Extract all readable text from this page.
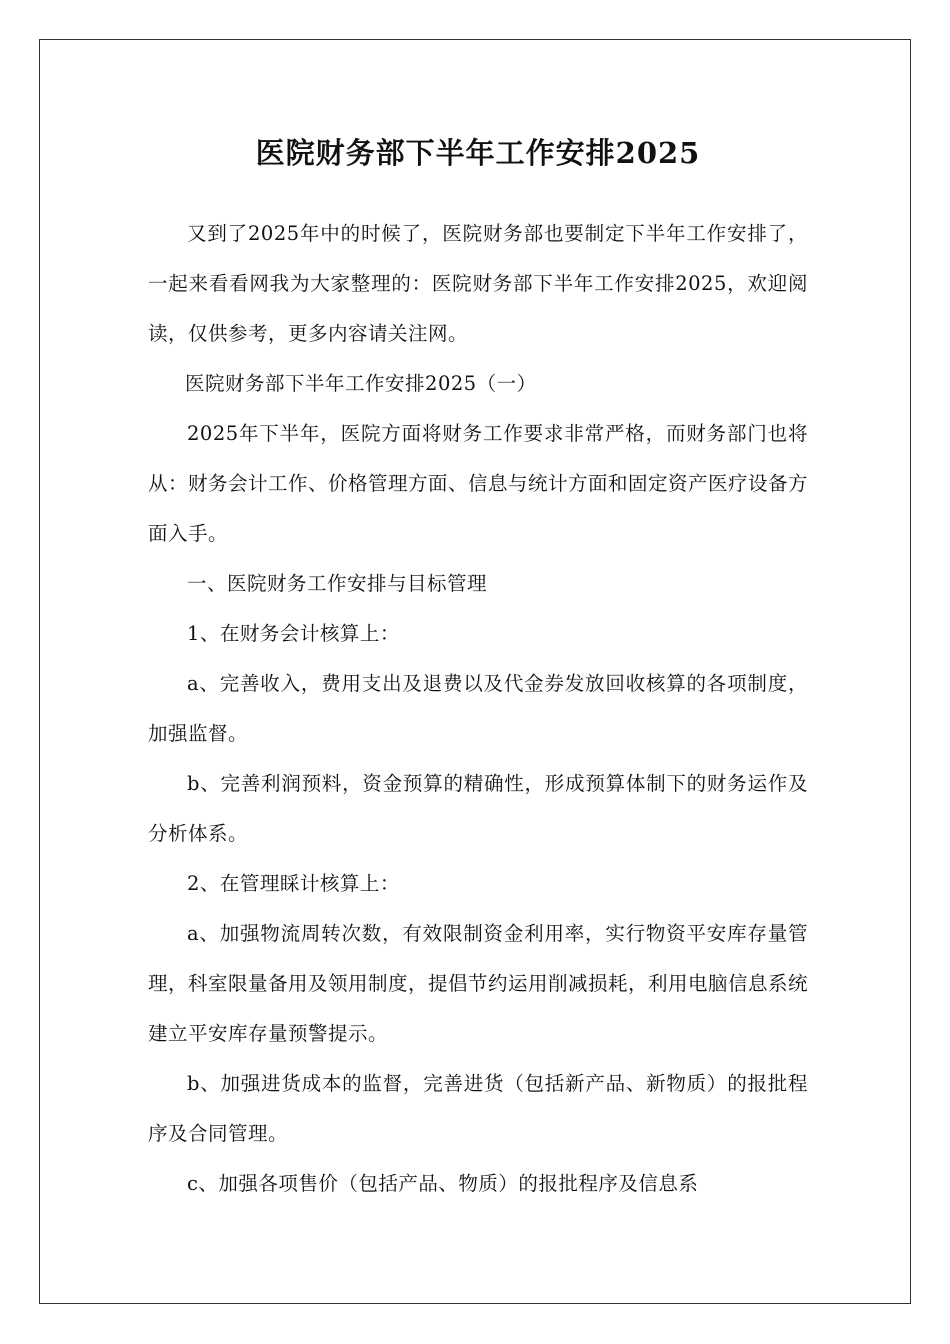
医院财务部下半年工作安排2025

又到了2025年中的时候了，医院财务部也要制定下半年工作安排了，一起来看看网我为大家整理的：医院财务部下半年工作安排2025，欢迎阅读，仅供参考，更多内容请关注网。

医院财务部下半年工作安排2025（一）

2025年下半年，医院方面将财务工作要求非常严格，而财务部门也将从：财务会计工作、价格管理方面、信息与统计方面和固定资产医疗设备方面入手。

一、医院财务工作安排与目标管理

1、在财务会计核算上：

a、完善收入，费用支出及退费以及代金券发放回收核算的各项制度，加强监督。

b、完善利润预料，资金预算的精确性，形成预算体制下的财务运作及分析体系。

2、在管理睬计核算上：

a、加强物流周转次数，有效限制资金利用率，实行物资平安库存量管理，科室限量备用及领用制度，提倡节约运用削减损耗，利用电脑信息系统建立平安库存量预警提示。

b、加强进货成本的监督，完善进货（包括新产品、新物质）的报批程序及合同管理。

c、加强各项售价（包括产品、物质）的报批程序及信息系
